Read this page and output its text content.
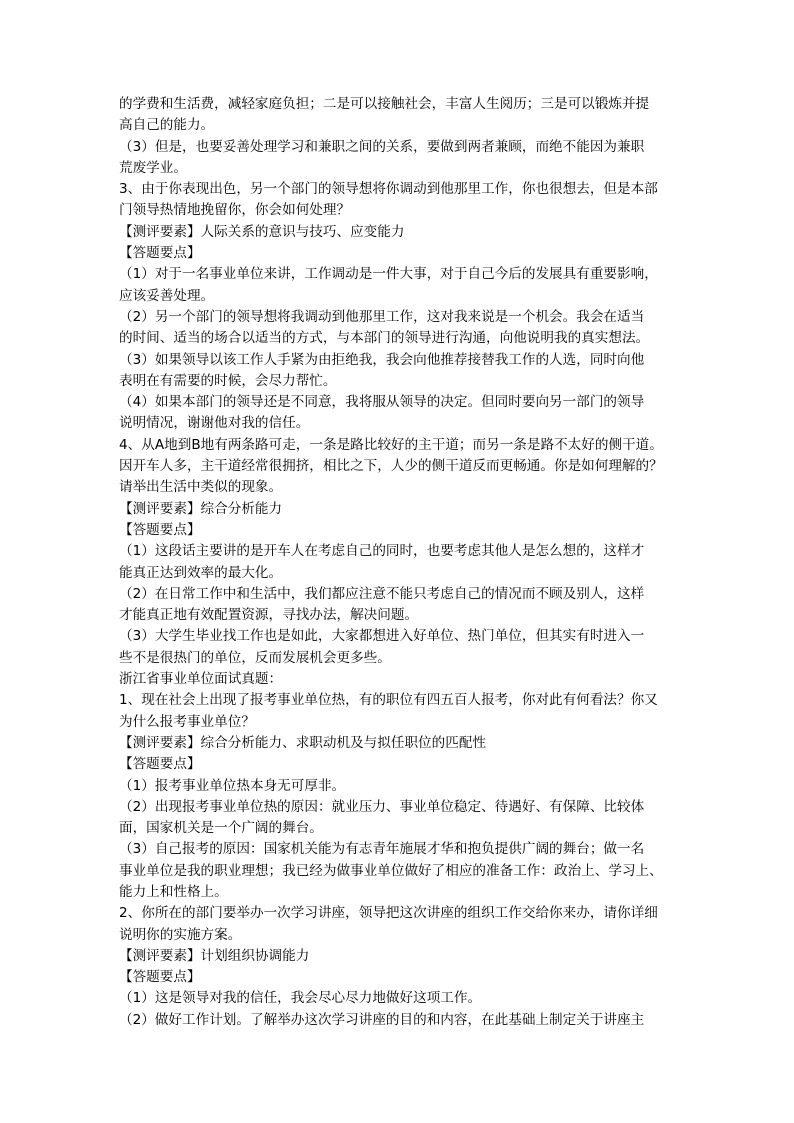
的学费和生活费，减轻家庭负担；二是可以接触社会，丰富人生阅历；三是可以锻炼并提
高自己的能力。
（3）但是，也要妥善处理学习和兼职之间的关系，要做到两者兼顾，而绝不能因为兼职
荒废学业。
3、由于你表现出色，另一个部门的领导想将你调动到他那里工作，你也很想去，但是本部
门领导热情地挽留你，你会如何处理？
【测评要素】人际关系的意识与技巧、应变能力
【答题要点】
（1）对于一名事业单位来讲，工作调动是一件大事，对于自己今后的发展具有重要影响，
应该妥善处理。
（2）另一个部门的领导想将我调动到他那里工作，这对我来说是一个机会。我会在适当
的时间、适当的场合以适当的方式，与本部门的领导进行沟通，向他说明我的真实想法。
（3）如果领导以该工作人手紧为由拒绝我，我会向他推荐接替我工作的人选，同时向他
表明在有需要的时候，会尽力帮忙。
（4）如果本部门的领导还是不同意，我将服从领导的决定。但同时要向另一部门的领导
说明情况，谢谢他对我的信任。
4、从A地到B地有两条路可走，一条是路比较好的主干道；而另一条是路不太好的侧干道。
因开车人多，主干道经常很拥挤，相比之下，人少的侧干道反而更畅通。你是如何理解的？
请举出生活中类似的现象。
【测评要素】综合分析能力
【答题要点】
（1）这段话主要讲的是开车人在考虑自己的同时，也要考虑其他人是怎么想的，这样才
能真正达到效率的最大化。
（2）在日常工作中和生活中，我们都应注意不能只考虑自己的情况而不顾及别人，这样
才能真正地有效配置资源，寻找办法，解决问题。
（3）大学生毕业找工作也是如此，大家都想进入好单位、热门单位，但其实有时进入一
些不是很热门的单位，反而发展机会更多些。
浙江省事业单位面试真题：
1、现在社会上出现了报考事业单位热，有的职位有四五百人报考，你对此有何看法？你又
为什么报考事业单位？
【测评要素】综合分析能力、求职动机及与拟任职位的匹配性
【答题要点】
（1）报考事业单位热本身无可厚非。
（2）出现报考事业单位热的原因：就业压力、事业单位稳定、待遇好、有保障、比较体
面，国家机关是一个广阔的舞台。
（3）自己报考的原因：国家机关能为有志青年施展才华和抱负提供广阔的舞台；做一名
事业单位是我的职业理想；我已经为做事业单位做好了相应的准备工作：政治上、学习上、
能力上和性格上。
2、你所在的部门要举办一次学习讲座，领导把这次讲座的组织工作交给你来办，请你详细
说明你的实施方案。
【测评要素】计划组织协调能力
【答题要点】
（1）这是领导对我的信任，我会尽心尽力地做好这项工作。
（2）做好工作计划。了解举办这次学习讲座的目的和内容，在此基础上制定关于讲座主
